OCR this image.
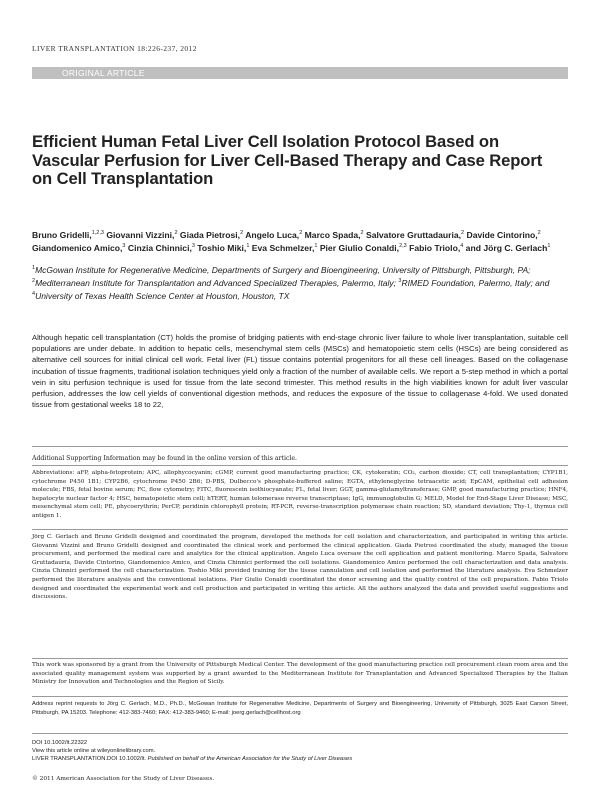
LIVER TRANSPLANTATION 18:226-237, 2012
ORIGINAL ARTICLE
Efficient Human Fetal Liver Cell Isolation Protocol Based on Vascular Perfusion for Liver Cell-Based Therapy and Case Report on Cell Transplantation
Bruno Gridelli,$^{1,2,3}$ Giovanni Vizzini,$^2$ Giada Pietrosi,$^2$ Angelo Luca,$^2$ Marco Spada,$^2$ Salvatore Gruttadauria,$^2$ Davide Cintorino,$^2$ Giandomenico Amico,$^3$ Cinzia Chinnici,$^3$ Toshio Miki,$^1$ Eva Schmelzer,$^1$ Pier Giulio Conaldi,$^{2,3}$ Fabio Triolo,$^4$ and Jörg C. Gerlach$^1$
$^1$McGowan Institute for Regenerative Medicine, Departments of Surgery and Bioengineering, University of Pittsburgh, Pittsburgh, PA; $^2$Mediterranean Institute for Transplantation and Advanced Specialized Therapies, Palermo, Italy; $^3$RIMED Foundation, Palermo, Italy; and $^4$University of Texas Health Science Center at Houston, Houston, TX

Although hepatic cell transplantation (CT) holds the promise of bridging patients with end-stage chronic liver failure to whole liver transplantation, suitable cell populations are under debate. In addition to hepatic cells, mesenchymal stem cells (MSCs) and hematopoietic stem cells (HSCs) are being considered as alternative cell sources for initial clinical cell work. Fetal liver (FL) tissue contains potential progenitors for all these cell lineages. Based on the collagenase incubation of tissue fragments, traditional isolation techniques yield only a fraction of the number of available cells. We report a 5-step method in which a portal vein in situ perfusion technique is used for tissue from the late second trimester. This method results in the high viabilities known for adult liver vascular perfusion, addresses the low cell yields of conventional digestion methods, and reduces the exposure of the tissue to collagenase 4-fold. We used donated tissue from gestational weeks 18 to 22,

Additional Supporting Information may be found in the online version of this article.

Abbreviations: aFP, alpha-fetoprotein; APC, allophycocyanin; cGMP, current good manufacturing practice; CK, cytokeratin; CO₂, carbon dioxide; CT, cell transplantation; CYP1B1, cytochrome P450 1B1; CYP2B6, cytochrome P450 2B6; D-PBS, Dulbecco's phosphate-buffered saline; EGTA, ethyleneglycine tetraacetic acid; EpCAM, epithelial cell adhesion molecule; FBS, fetal bovine serum; FC, flow cytometry; FITC, fluorescein isothiocyanate; FL, fetal liver; GGT, gamma-glutamyltransferase; GMP, good manufacturing practice; HNF4, hepatocyte nuclear factor 4; HSC, hematopoietic stem cell; hTERT, human telomerase reverse transcriptase; IgG, immunoglobulin G; MELD, Model for End-Stage Liver Disease; MSC, mesenchymal stem cell; PE, phycoerythrin; PerCP, peridinin chlorophyll protein; RT-PCR, reverse-transcription polymerase chain reaction; SD, standard deviation; Thy-1, thymus cell antigen 1.

Jörg C. Gerlach and Bruno Gridelli designed and coordinated the program, developed the methods for cell isolation and characterization, and participated in writing this article. Giovanni Vizzini and Bruno Gridelli designed and coordinated the clinical work and performed the clinical application. Giada Pietrosi coordinated the study, managed the tissue procurement, and performed the medical care and analytics for the clinical application. Angelo Luca oversaw the cell application and patient monitoring. Marco Spada, Salvatore Gruttadauria, Davide Cintorino, Giandomenico Amico, and Cinzia Chinnici performed the cell isolations. Giandomenico Amico performed the cell characterization and data analysis. Cinzia Chinnici performed the cell characterization. Toshio Miki provided training for the tissue cannulation and cell isolation and performed the literature analysis. Eva Schmelzer performed the literature analysis and the conventional isolations. Pier Giulio Conaldi coordinated the donor screening and the quality control of the cell preparation. Fabio Triolo designed and coordinated the experimental work and cell production and participated in writing this article. All the authors analyzed the data and provided useful suggestions and discussions.

This work was sponsored by a grant from the University of Pittsburgh Medical Center. The development of the good manufacturing practice cell procurement clean room area and the associated quality management system was supported by a grant awarded to the Mediterranean Institute for Transplantation and Advanced Specialized Therapies by the Italian Ministry for Innovation and Technologies and the Region of Sicily.

Address reprint requests to Jörg C. Gerlach, M.D., Ph.D., McGowan Institute for Regenerative Medicine, Departments of Surgery and Bioengineering, University of Pittsburgh, 3025 East Carson Street, Pittsburgh, PA 15203. Telephone: 412-383-7460; FAX: 412-383-9460; E-mail: joerg.gerlach@cellhost.org

DOI 10.1002/lt.22322
View this article online at wileyonlinelibrary.com.
LIVER TRANSPLANTATION.DOI 10.1002/lt. Published on behalf of the American Association for the Study of Liver Diseases
© 2011 American Association for the Study of Liver Diseases.
